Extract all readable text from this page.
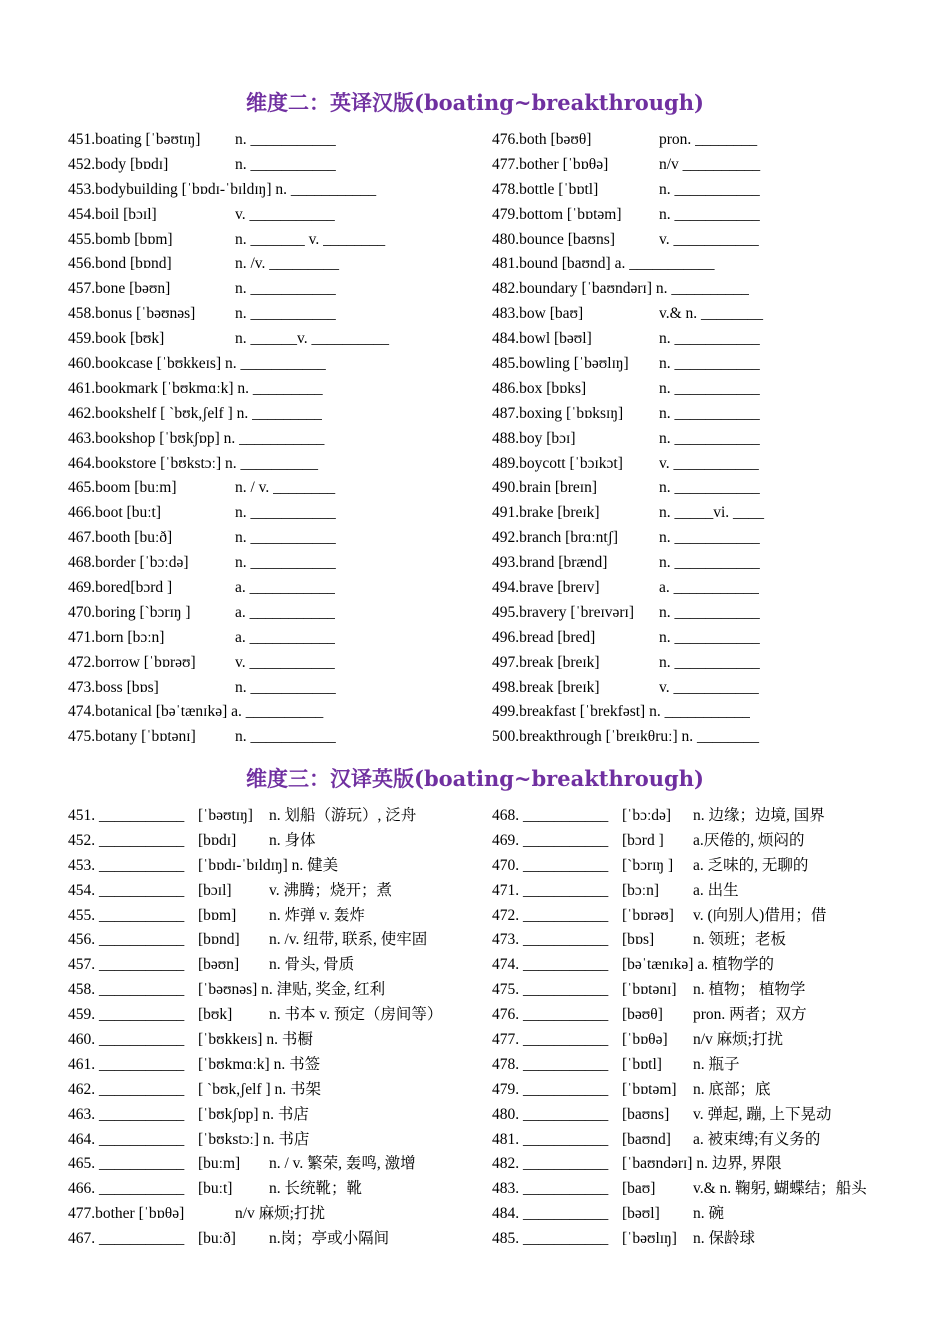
维度二：英译汉版(boating~breakthrough)
451.boating [ˈbəʊtɪŋ] n. ___________
452.body [bɒdɪ]	n. ___________
453.bodybuilding [ˈbɒdɪ-ˈbɪldɪŋ] n. ___________
454.boil [bɔɪl]	v. ___________
455.bomb [bɒm]	n. _______ v. ________
456.bond [bɒnd]	n. /v. _________
457.bone [bəʊn]	n. ___________
458.bonus [ˈbəʊnəs]	n. ___________
459.book [bʊk]	n. ______v. __________
460.bookcase [ˈbʊkkeɪs] n. ___________
461.bookmark [ˈbʊkmɑːk] n. _________
462.bookshelf [ `bʊk,ʃelf ] n. _________
463.bookshop [ˈbʊkʃɒp] n. ___________
464.bookstore [ˈbʊkstɔː] n. __________
465.boom [buːm]	n. / v. ________
466.boot [buːt]	n. ___________
467.booth [buːð]	n. ___________
468.border [ˈbɔːdə]	n. ___________
469.bored[bɔrd ]	a. ___________
470.boring [`bɔrɪŋ ]	a. ___________
471.born [bɔːn]	a. ___________
472.borrow [ˈbɒrəʊ]	v. ___________
473.boss [bɒs]	n. ___________
474.botanical [bəˈtænɪkə] a. __________
475.botany [ˈbɒtənɪ]	n. ___________
476.both [bəʊθ]	pron. ________
477.bother [ˈbɒθə]	n/v __________
478.bottle [ˈbɒtl]	n. ___________
479.bottom [ˈbɒtəm] n. ___________
480.bounce [baʊns]	v. ___________
481.bound [baʊnd] a. ___________
482.boundary [ˈbaʊndərɪ] n. __________
483.bow [baʊ]	v.& n. ________
484.bowl [bəʊl]	n. ___________
485.bowling [ˈbəʊlɪŋ] n. ___________
486.box [bɒks]	n. ___________
487.boxing [ˈbɒksɪŋ] n. ___________
488.boy [bɔɪ]	n. ___________
489.boycott [ˈbɔɪkɔt] v. ___________
490.brain [breɪn]	n. ___________
491.brake [breɪk]	n. _____vi. ____
492.branch [brɑːntʃ]	n. ___________
493.brand [brænd]	n. ___________
494.brave [breɪv]	a. ___________
495.bravery [ˈbreɪvərɪ] n. ___________
496.bread [bred]	n. ___________
497.break [breɪk]	n. ___________
498.break [breɪk]	v. ___________
499.breakfast [ˈbrekfəst] n. ___________
500.breakthrough [ˈbreɪkθruː] n. ________
维度三：汉译英版(boating~breakthrough)
451. ___________ [ˈbəʊtɪŋ] n. 划船（游玩）, 泛舟
452. ___________ [bɒdɪ] n. 身体
453. ___________ [ˈbɒdɪ-ˈbɪldɪŋ] n. 健美
454. ___________ [bɔɪl] v. 沸腾；烧开；煮
455. ___________ [bɒm] n. 炸弹 v. 轰炸
456. ___________ [bɒnd] n. /v. 纽带, 联系, 使牢固
457. ___________ [bəʊn] n. 骨头, 骨质
458. ___________ [ˈbəʊnəs] n. 津贴, 奖金, 红利
459. ___________ [bʊk] n. 书本 v. 预定（房间等）
460. ___________ [ˈbʊkkeɪs] n. 书橱
461. ___________ [ˈbʊkmɑːk] n. 书签
462. ___________ [ `bʊk,ʃelf ] n. 书架
463. ___________ [ˈbʊkʃɒp] n. 书店
464. ___________ [ˈbʊkstɔː] n. 书店
465. ___________ [buːm] n. / v. 繁荣, 轰鸣, 激增
466. ___________ [buːt] n. 长统靴；靴
477.bother [ˈbɒθə]	n/v 麻烦;打扰
467. ___________ [buːð] n.岗；亭或小隔间
468. ___________ [ˈbɔːdə] n. 边缘；边境, 国界
469. ___________ [bɔrd ] a.厌倦的, 烦闷的
470. ___________ [`bɔrɪŋ ] a. 乏味的, 无聊的
471. ___________ [bɔːn] a. 出生
472. ___________ [ˈbɒrəʊ] v. (向别人)借用；借
473. ___________ [bɒs]	n. 领班；老板
474. ___________ [bəˈtænɪkə] a. 植物学的
475. ___________ [ˈbɒtənɪ] n. 植物； 植物学
476. ___________ [bəʊθ] pron. 两者；双方
477. ___________ [ˈbɒθə] n/v 麻烦;打扰
478. ___________ [ˈbɒtl] n. 瓶子
479. ___________ [ˈbɒtəm] n. 底部；底
480. ___________ [baʊns] v. 弹起, 蹦, 上下晃动
481. ___________ [baʊnd] a. 被束缚;有义务的
482. ___________ [ˈbaʊndərɪ] n. 边界, 界限
483. ___________ [baʊ] v.& n. 鞠躬, 蝴蝶结；船头
484. ___________ [bəʊl] n. 碗
485. ___________ [ˈbəʊlɪŋ] n. 保龄球
